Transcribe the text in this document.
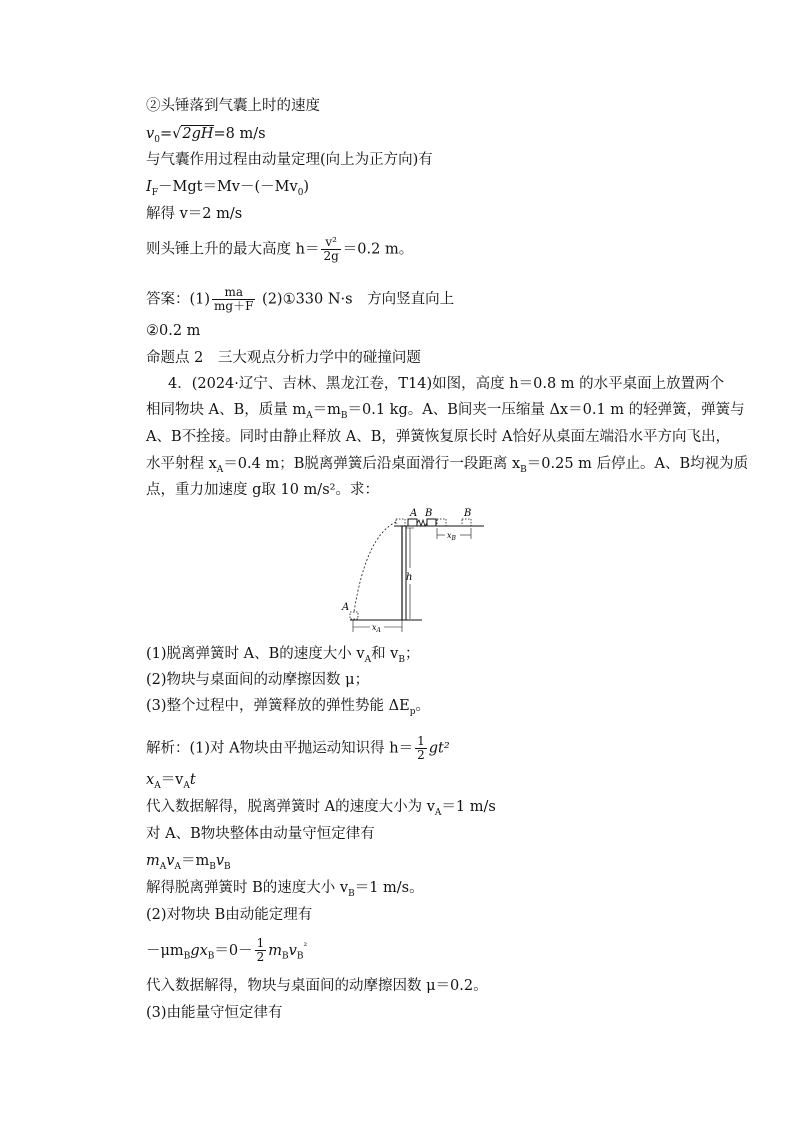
②头锤落到气囊上时的速度
$v_0=√2gH=8$ m/s
与气囊作用过程由动量定理(向上为正方向)有
$I_F-Mgt=Mv-(-Mv_0)$
解得 v＝2 m/s
则头锤上升的最大高度 $h= \frac{\text{v²}}{2g} =0.2$ m。
答案：$(1) \frac{ma}{mg+F}$ (2)①330 N·s　方向竖直向上
②0.2 m
命题点 2　三大观点分析力学中的碰撞问题
4．(2024·辽宁、吉林、黑龙江卷，T14)如图，高度 h＝0.8 m 的水平桌面上放置两个
相同物块 A、B，质量 $m_A=m_B=0.1$ kg。A、B间夹一压缩量 Δx＝0.1 m 的轻弹簧，弹簧与
A、B不拴接。同时由静止释放 A、B，弹簧恢复原长时 A恰好从桌面左端沿水平方向飞出，
水平射程 $x_A=0.4$ m；B脱离弹簧后沿桌面滑行一段距离 $x_B=0.25$ m 后停止。A、B均视为质
点，重力加速度 g取 10 m/s²。求：
A B	B
$x_B$
h
A
$x_A$
(1)脱离弹簧时 A、B的速度大小 $v_A$和 $v_B$；
(2)物块与桌面间的动摩擦因数 μ；
(3)整个过程中，弹簧释放的弹性势能 $\Delta E_p$。
解析：(1)对 A物块由平抛运动知识得 $h= \frac{1}{2} gt^2$
$x_A=v_At$
代入数据解得，脱离弹簧时 A的速度大小为 $v_A=1$ m/s
对 A、B物块整体由动量守恒定律有
$m_Av_A=m_Bv_B$
解得脱离弹簧时 B的速度大小 $v_B=1$ m/s。
(2)对物块 B由动能定理有
$-\mu m_Bgx_B=0- \frac{1}{2} m_Bv_B^{^2}$
代入数据解得，物块与桌面间的动摩擦因数 μ＝0.2。
(3)由能量守恒定律有
